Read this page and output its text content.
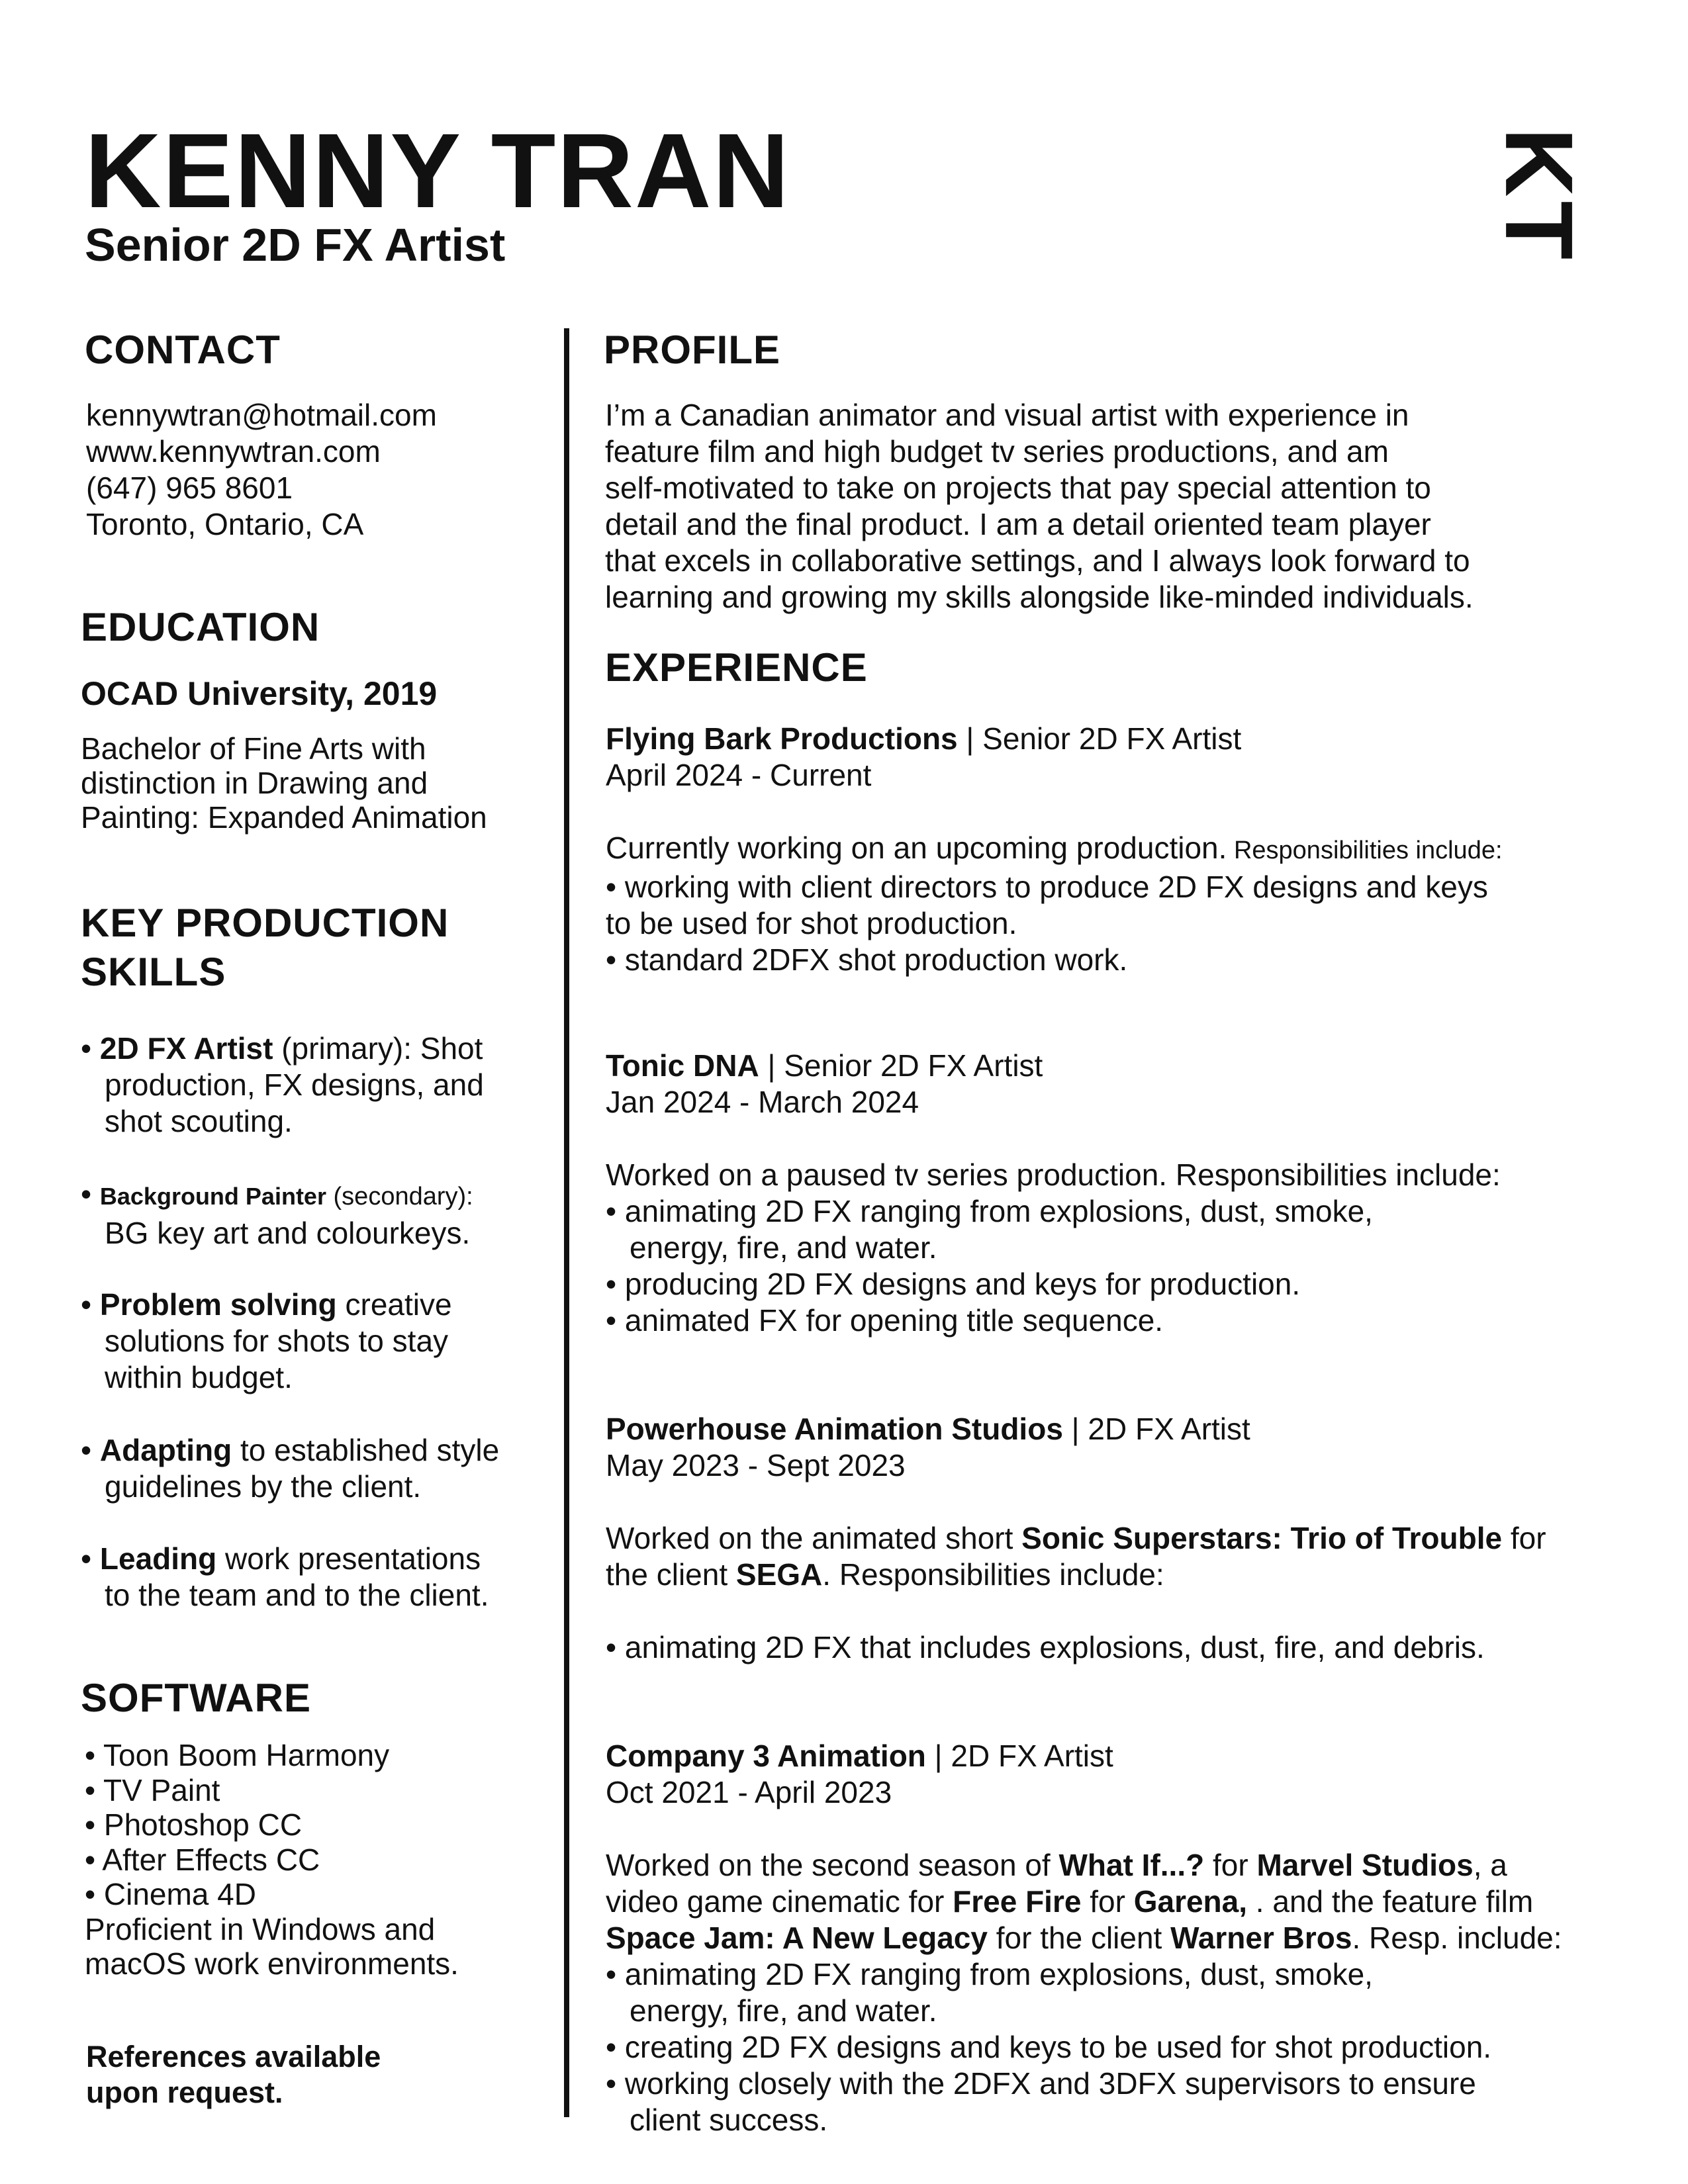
KENNY TRAN
Senior 2D FX Artist	KT
CONTACT
kennywtran@hotmail.com
www.kennywtran.com
(647) 965 8601
Toronto, Ontario, CA
EDUCATION
OCAD University, 2019
Bachelor of Fine Arts with
distinction in Drawing and
Painting: Expanded Animation
KEY PRODUCTION
SKILLS
• 2D FX Artist (primary): Shot
production, FX designs, and
shot scouting.
• Background Painter (secondary):
BG key art and colourkeys.
• Problem solving creative
solutions for shots to stay
within budget.
• Adapting to established style
guidelines by the client.
• Leading work presentations
to the team and to the client.
SOFTWARE
• Toon Boom Harmony
• TV Paint
• Photoshop CC
• After Effects CC
• Cinema 4D
Proficient in Windows and
macOS work environments.
References available
upon request.
PROFILE
I’m a Canadian animator and visual artist with experience in
feature film and high budget tv series productions, and am
self-motivated to take on projects that pay special attention to
detail and the final product. I am a detail oriented team player
that excels in collaborative settings, and I always look forward to
learning and growing my skills alongside like-minded individuals.
EXPERIENCE
Flying Bark Productions | Senior 2D FX Artist
April 2024 - Current
Currently working on an upcoming production. Responsibilities include:
• working with client directors to produce 2D FX designs and keys
to be used for shot production.
• standard 2DFX shot production work.
Tonic DNA | Senior 2D FX Artist
Jan 2024 - March 2024
Worked on a paused tv series production. Responsibilities include:
• animating 2D FX ranging from explosions, dust, smoke,
energy, fire, and water.
• producing 2D FX designs and keys for production.
• animated FX for opening title sequence.
Powerhouse Animation Studios | 2D FX Artist
May 2023 - Sept 2023
Worked on the animated short Sonic Superstars: Trio of Trouble for
the client SEGA. Responsibilities include:
• animating 2D FX that includes explosions, dust, fire, and debris.
Company 3 Animation | 2D FX Artist
Oct 2021 - April 2023
Worked on the second season of What If...? for Marvel Studios, a
video game cinematic for Free Fire for Garena, . and the feature film
Space Jam: A New Legacy for the client Warner Bros. Resp. include:
• animating 2D FX ranging from explosions, dust, smoke,
energy, fire, and water.
• creating 2D FX designs and keys to be used for shot production.
• working closely with the 2DFX and 3DFX supervisors to ensure
client success.
